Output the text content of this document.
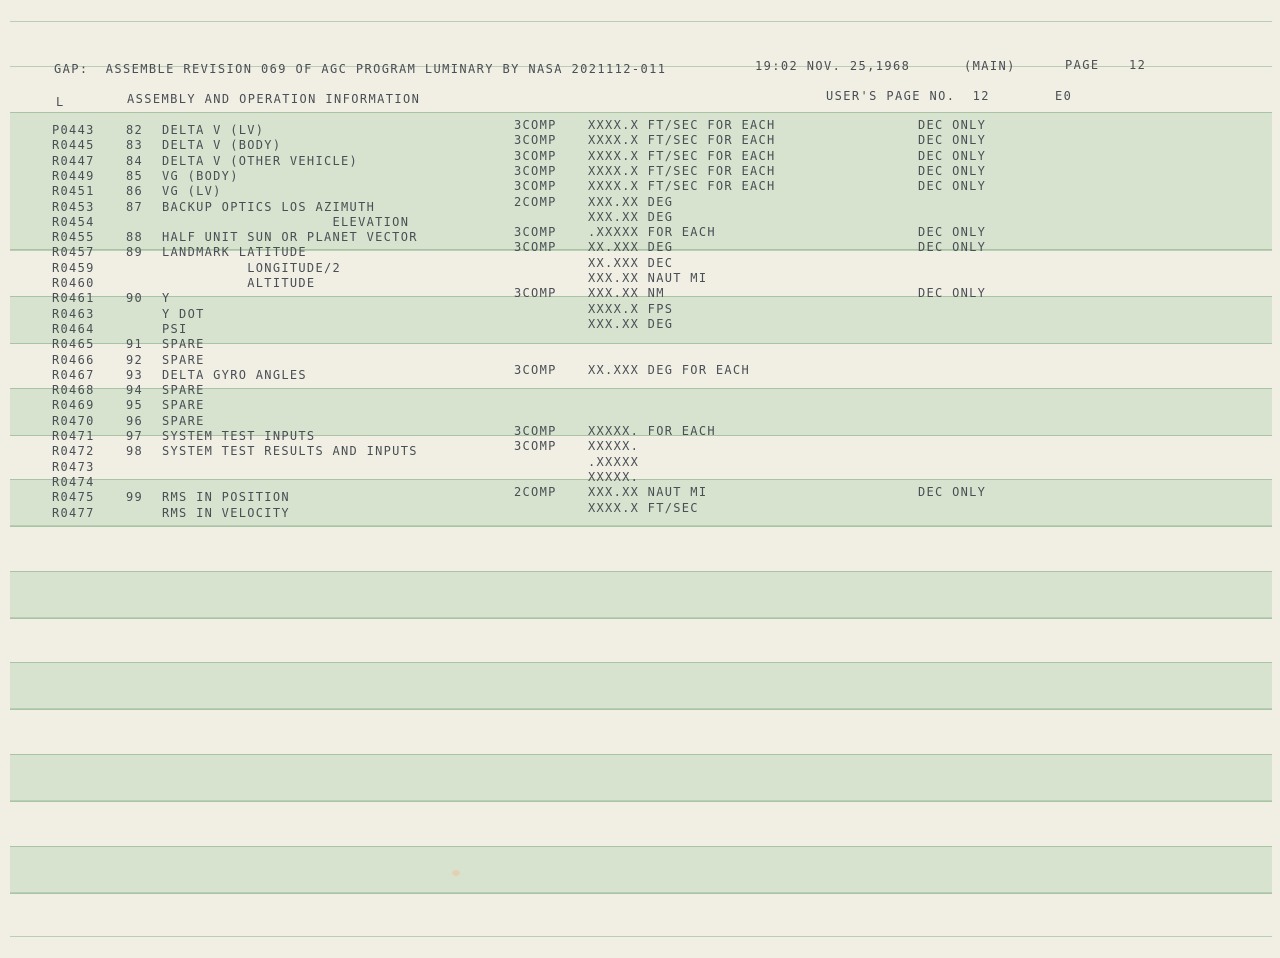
GAP:  ASSEMBLE REVISION 069 OF AGC PROGRAM LUMINARY BY NASA 2021112-011	19:02 NOV. 25,1968	(MAIN)	PAGE 12
L	ASSEMBLY AND OPERATION INFORMATION	USER'S PAGE NO.  12	E0
P0443	82 DELTA V (LV)	3COMP	XXXX.X FT/SEC FOR EACH	DEC ONLY
R0445	83 DELTA V (BODY)	3COMP	XXXX.X FT/SEC FOR EACH	DEC ONLY
R0447	84 DELTA V (OTHER VEHICLE)	3COMP	XXXX.X FT/SEC FOR EACH	DEC ONLY
R0449	85 VG (BODY)	3COMP	XXXX.X FT/SEC FOR EACH	DEC ONLY
R0451	86 VG (LV)	3COMP	XXXX.X FT/SEC FOR EACH	DEC ONLY
R0453	87 BACKUP OPTICS LOS AZIMUTH	2COMP	XXX.XX DEG
R0454	ELEVATION	XXX.XX DEG
R0455	88 HALF UNIT SUN OR PLANET VECTOR	3COMP	.XXXXX FOR EACH	DEC ONLY
R0457	89 LANDMARK LATITUDE	3COMP	XX.XXX DEG	DEC ONLY
R0459	LONGITUDE/2	XX.XXX DEC
R0460	ALTITUDE	XXX.XX NAUT MI
R0461	90 Y	3COMP	XXX.XX NM	DEC ONLY
R0463	Y DOT	XXXX.X FPS
R0464	PSI	XXX.XX DEG
R0465	91 SPARE
R0466	92 SPARE
R0467	93 DELTA GYRO ANGLES	3COMP	XX.XXX DEG FOR EACH
R0468	94 SPARE
R0469	95 SPARE
R0470	96 SPARE
R0471	97 SYSTEM TEST INPUTS	3COMP	XXXXX. FOR EACH
R0472	98 SYSTEM TEST RESULTS AND INPUTS	3COMP	XXXXX.
R0473	.XXXXX
R0474	XXXXX.
R0475	99 RMS IN POSITION	2COMP	XXX.XX NAUT MI	DEC ONLY
R0477	RMS IN VELOCITY	XXXX.X FT/SEC
